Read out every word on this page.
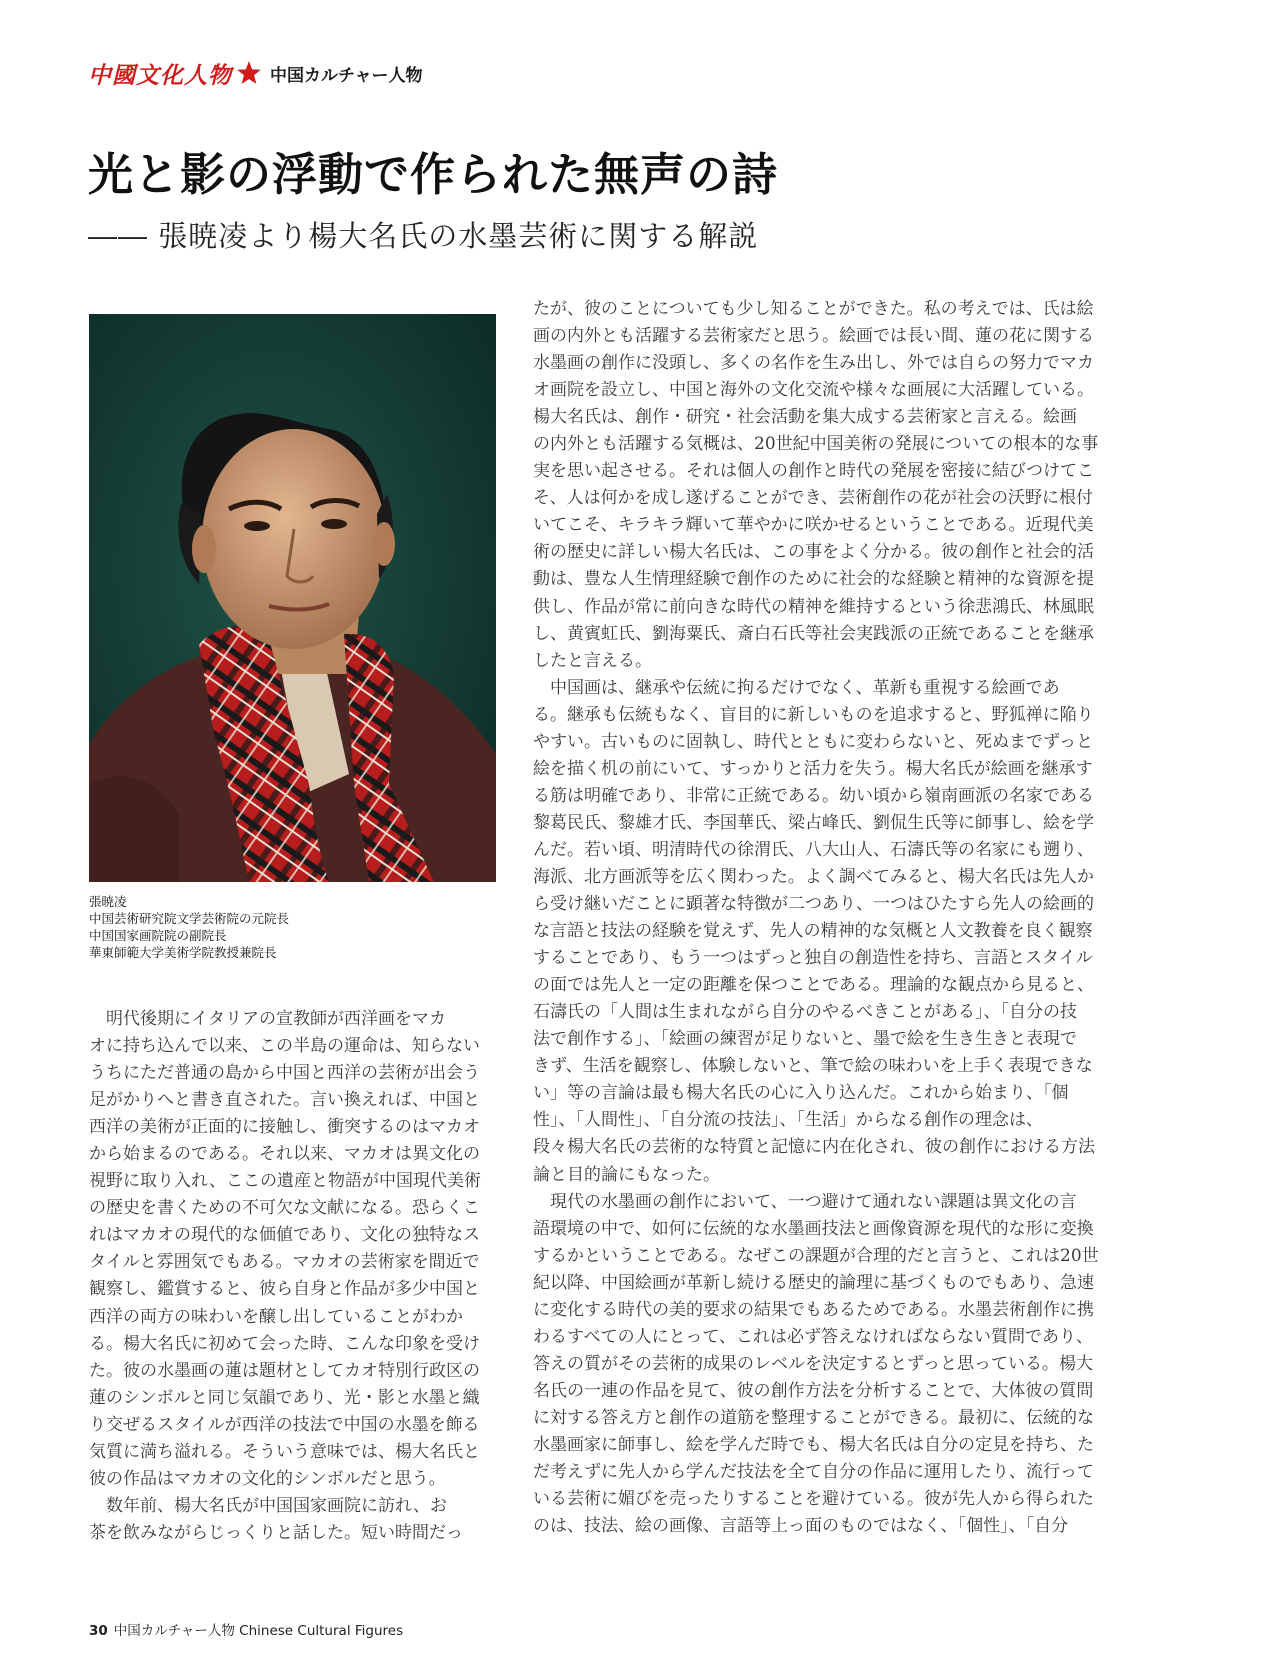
中國文化人物 中国カルチャー人物
光と影の浮動で作られた無声の詩
―― 張暁凌より楊大名氏の水墨芸術に関する解説
張暁凌
中国芸術研究院文学芸術院の元院長
中国国家画院院の副院長
華東師範大学美術学院教授兼院長
　明代後期にイタリアの宣教師が西洋画をマカ
オに持ち込んで以来、この半島の運命は、知らない
うちにただ普通の島から中国と西洋の芸術が出会う
足がかりへと書き直された。言い換えれば、中国と
西洋の美術が正面的に接触し、衝突するのはマカオ
から始まるのである。それ以来、マカオは異文化の
視野に取り入れ、ここの遺産と物語が中国現代美術
の歴史を書くための不可欠な文献になる。恐らくこ
れはマカオの現代的な価値であり、文化の独特なス
タイルと雰囲気でもある。マカオの芸術家を間近で
観察し、鑑賞すると、彼ら自身と作品が多少中国と
西洋の両方の味わいを醸し出していることがわか
る。楊大名氏に初めて会った時、こんな印象を受け
た。彼の水墨画の蓮は題材としてカオ特別行政区の
蓮のシンボルと同じ気韻であり、光・影と水墨と織
り交ぜるスタイルが西洋の技法で中国の水墨を飾る
気質に満ち溢れる。そういう意味では、楊大名氏と
彼の作品はマカオの文化的シンボルだと思う。
　数年前、楊大名氏が中国国家画院に訪れ、お
茶を飲みながらじっくりと話した。短い時間だっ
たが、彼のことについても少し知ることができた。私の考えでは、氏は絵
画の内外とも活躍する芸術家だと思う。絵画では長い間、蓮の花に関する
水墨画の創作に没頭し、多くの名作を生み出し、外では自らの努力でマカ
オ画院を設立し、中国と海外の文化交流や様々な画展に大活躍している。
楊大名氏は、創作・研究・社会活動を集大成する芸術家と言える。絵画
の内外とも活躍する気概は、20世紀中国美術の発展についての根本的な事
実を思い起させる。それは個人の創作と時代の発展を密接に結びつけてこ
そ、人は何かを成し遂げることができ、芸術創作の花が社会の沃野に根付
いてこそ、キラキラ輝いて華やかに咲かせるということである。近現代美
術の歴史に詳しい楊大名氏は、この事をよく分かる。彼の創作と社会的活
動は、豊な人生情理経験で創作のために社会的な経験と精神的な資源を提
供し、作品が常に前向きな時代の精神を維持するという徐悲鴻氏、林風眠
し、黄賓虹氏、劉海粟氏、斎白石氏等社会実践派の正統であることを継承
したと言える。
　中国画は、継承や伝統に拘るだけでなく、革新も重視する絵画であ
る。継承も伝統もなく、盲目的に新しいものを追求すると、野狐禅に陥り
やすい。古いものに固執し、時代とともに変わらないと、死ぬまでずっと
絵を描く机の前にいて、すっかりと活力を失う。楊大名氏が絵画を継承す
る筋は明確であり、非常に正統である。幼い頃から嶺南画派の名家である
黎葛民氏、黎雄才氏、李国華氏、梁占峰氏、劉侃生氏等に師事し、絵を学
んだ。若い頃、明清時代の徐渭氏、八大山人、石濤氏等の名家にも遡り、
海派、北方画派等を広く関わった。よく調べてみると、楊大名氏は先人か
ら受け継いだことに顕著な特徴が二つあり、一つはひたすら先人の絵画的
な言語と技法の経験を覚えず、先人の精神的な気概と人文教養を良く観察
することであり、もう一つはずっと独自の創造性を持ち、言語とスタイル
の面では先人と一定の距離を保つことである。理論的な観点から見ると、
石濤氏の「人間は生まれながら自分のやるべきことがある」、「自分の技
法で創作する」、「絵画の練習が足りないと、墨で絵を生き生きと表現で
きず、生活を観察し、体験しないと、筆で絵の味わいを上手く表現できな
い」等の言論は最も楊大名氏の心に入り込んだ。これから始まり、「個
性」、「人間性」、「自分流の技法」、「生活」からなる創作の理念は、
段々楊大名氏の芸術的な特質と記憶に内在化され、彼の創作における方法
論と目的論にもなった。
　現代の水墨画の創作において、一つ避けて通れない課題は異文化の言
語環境の中で、如何に伝統的な水墨画技法と画像資源を現代的な形に変換
するかということである。なぜこの課題が合理的だと言うと、これは20世
紀以降、中国絵画が革新し続ける歴史的論理に基づくものでもあり、急速
に変化する時代の美的要求の結果でもあるためである。水墨芸術創作に携
わるすべての人にとって、これは必ず答えなければならない質問であり、
答えの質がその芸術的成果のレベルを決定するとずっと思っている。楊大
名氏の一連の作品を見て、彼の創作方法を分析することで、大体彼の質問
に対する答え方と創作の道筋を整理することができる。最初に、伝統的な
水墨画家に師事し、絵を学んだ時でも、楊大名氏は自分の定見を持ち、た
だ考えずに先人から学んだ技法を全て自分の作品に運用したり、流行って
いる芸術に媚びを売ったりすることを避けている。彼が先人から得られた
のは、技法、絵の画像、言語等上っ面のものではなく、「個性」、「自分
30 中国カルチャー人物 Chinese Cultural Figures
